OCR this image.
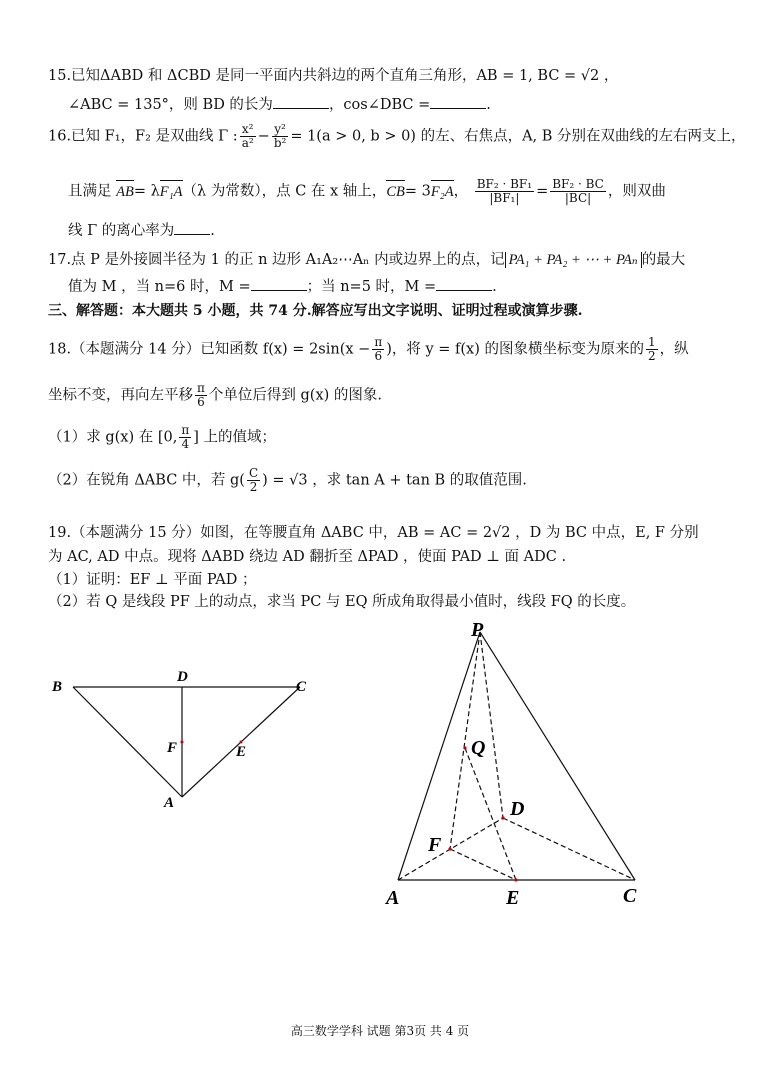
15.已知ΔABD 和 ΔCBD 是同一平面内共斜边的两个直角三角形，AB = 1, BC = √2 ，
∠ABC = 135°，则 BD 的长为	，cos∠DBC =	.
16.已知 F₁，F₂ 是双曲线 Γ : $\frac{\text{x²}}{\text{a²}} - \frac{\text{y²}}{\text{b²}} = 1(a > 0$, b > 0) 的左、右焦点，A, B 分别在双曲线的左右两支上，
且满足 AB= λF₁A（λ 为常数），点 C 在 x 轴上，CB= 3F₂A， $\frac{\text{BF₂ · BF₁}}{\text{|BF₁|}} = \frac{\text{BF₂ · BC}}{|BC|}$ ，则双曲
线 Γ 的离心率为 .
17.点 P 是外接圆半径为 1 的正 n 边形 A₁A₂⋯Aₙ 内或边界上的点，记 PA₁ + PA₂ + ⋯ + PAₙ 的最大
值为 M ，当 n=6 时，M =	；当 n=5 时，M =	.
三、解答题：本大题共 5 小题，共 74 分.解答应写出文字说明、证明过程或演算步骤.
18.（本题满分 14 分）已知函数 $f(x) = 2\sin(x - \frac{\pi}{6}$ )，将 y = f(x) 的图象横坐标变为原来的 $\frac{1}{2}$ ，纵
坐标不变，再向左平移 $\frac{\pi}{6}$ 个单位后得到 g(x) 的图象.
（1）求 g(x) 在 [0, $\frac{\pi}{4}$ ] 上的值域；
（2）在锐角 ΔABC 中，若 $g( \frac{C}{2}$ ) = √3 ，求 tan A + tan B 的取值范围.
19.（本题满分 15 分）如图，在等腰直角 ΔABC 中，AB = AC = 2√2 ，D 为 BC 中点，E, F 分别
为 AC, AD 中点。现将 ΔABD 绕边 AD 翻折至 ΔPAD ，使面 PAD ⊥ 面 ADC .
（1）证明：EF ⊥ 平面 PAD ；
（2）若 Q 是线段 PF 上的动点，求当 PC 与 EQ 所成角取得最小值时，线段 FQ 的长度。
B
D
C
F	E
A
P
Q
D
F
A	E	C
高三数学学科 试题 第3页 共 4 页
